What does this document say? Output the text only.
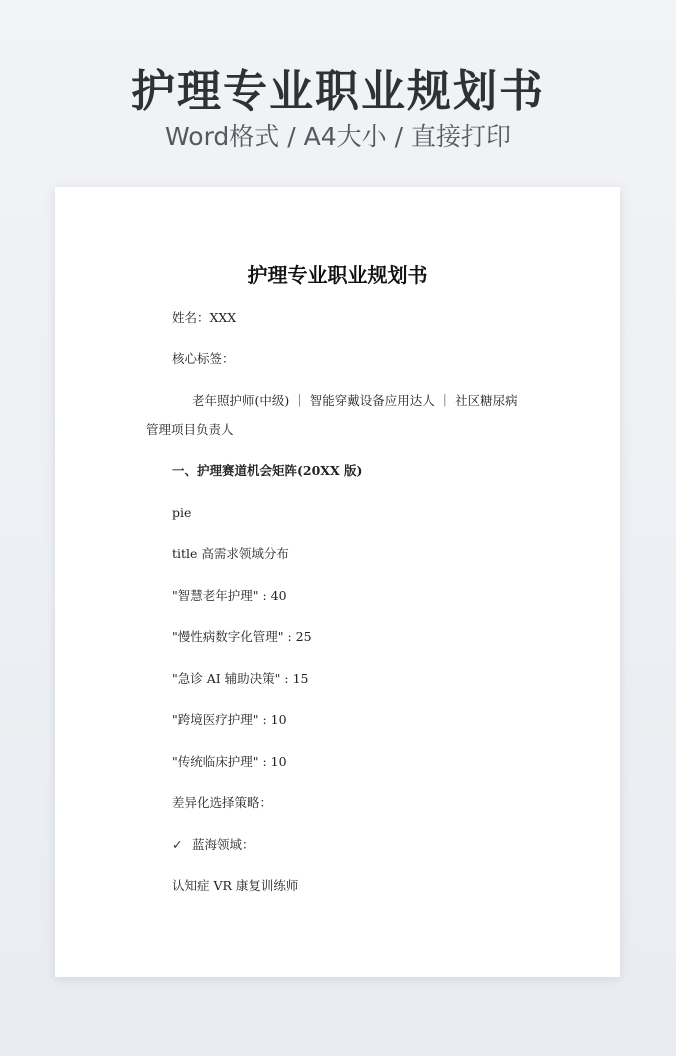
护理专业职业规划书
Word格式 / A4大小 / 直接打印
护理专业职业规划书
姓名：XXX
核心标签：
老年照护师(中级) ｜ 智能穿戴设备应用达人 ｜ 社区糖尿病
管理项目负责人
一、护理赛道机会矩阵(20XX 版)
pie
title 高需求领域分布
"智慧老年护理" : 40
"慢性病数字化管理" : 25
"急诊 AI 辅助决策" : 15
"跨境医疗护理" : 10
"传统临床护理" : 10
差异化选择策略：
✓ 蓝海领域：
认知症 VR 康复训练师
